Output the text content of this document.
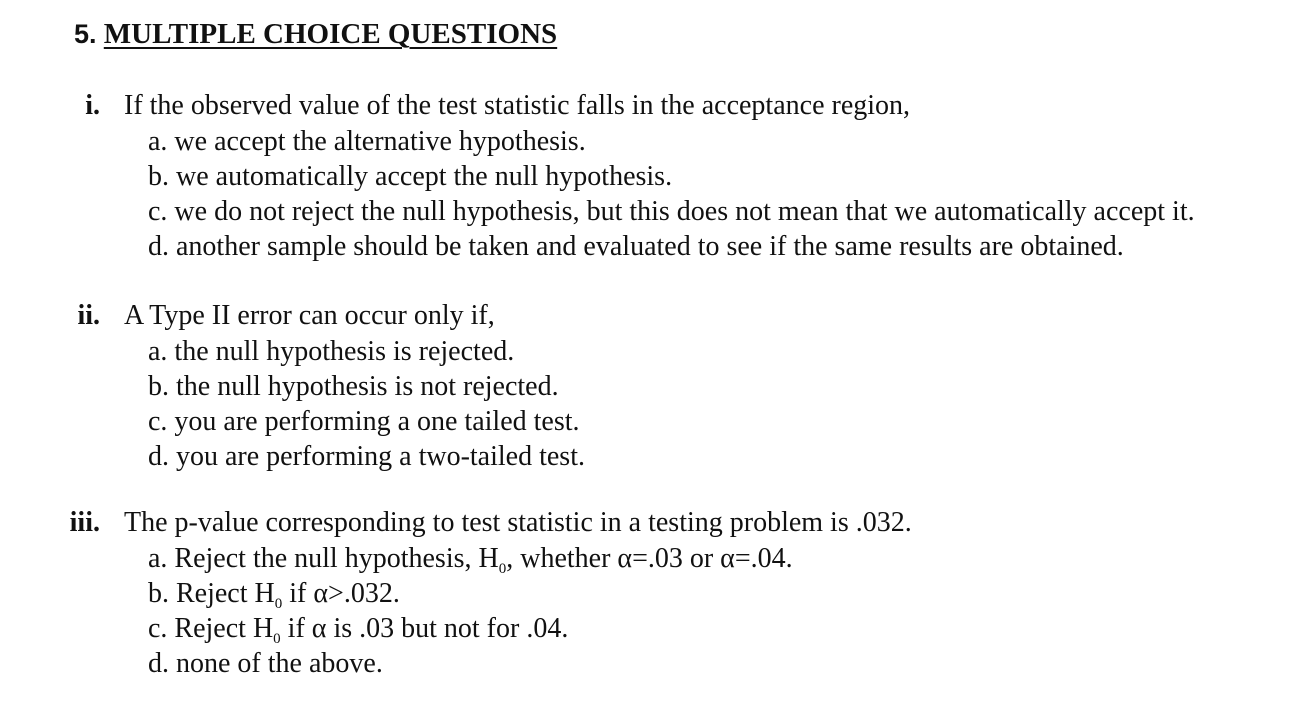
5. MULTIPLE CHOICE QUESTIONS
i. If the observed value of the test statistic falls in the acceptance region,
a. we accept the alternative hypothesis.
b. we automatically accept the null hypothesis.
c. we do not reject the null hypothesis, but this does not mean that we automatically accept it.
d. another sample should be taken and evaluated to see if the same results are obtained.
ii. A Type II error can occur only if,
a. the null hypothesis is rejected.
b. the null hypothesis is not rejected.
c. you are performing a one tailed test.
d. you are performing a two-tailed test.
iii. The p-value corresponding to test statistic in a testing problem is .032.
a. Reject the null hypothesis, $H_0$, whether α=.03 or α=.04.
b. Reject $H_0$ if α>.032.
c. Reject $H_0$ if α is .03 but not for .04.
d. none of the above.
